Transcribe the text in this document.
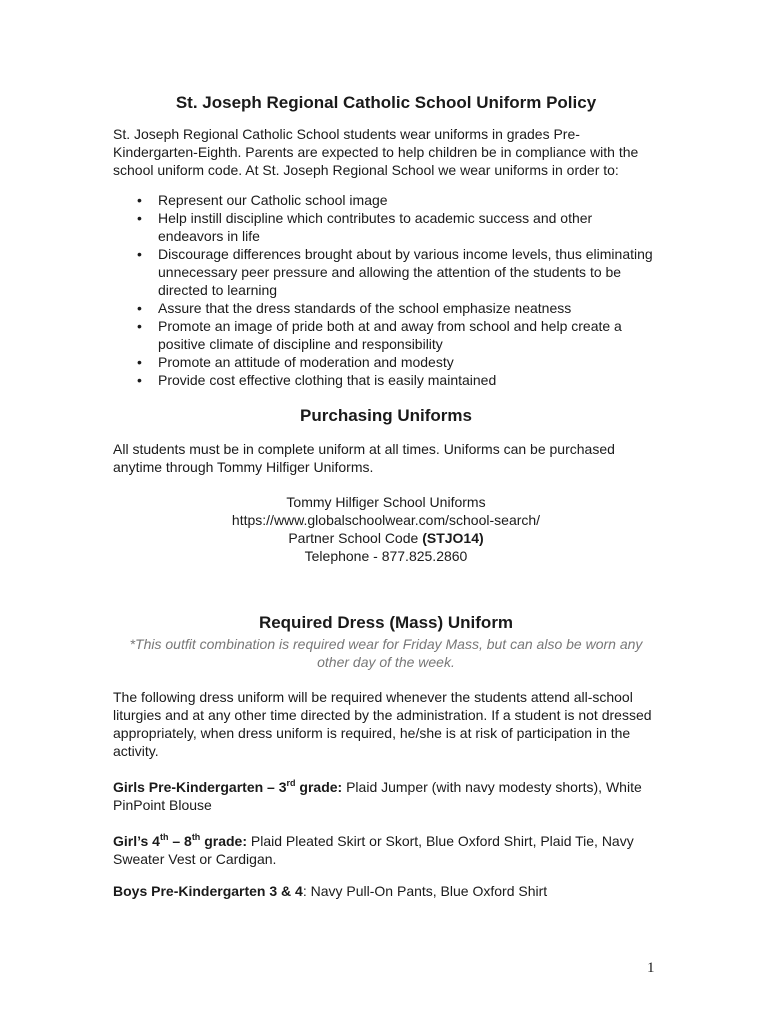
St. Joseph Regional Catholic School Uniform Policy

St. Joseph Regional Catholic School students wear uniforms in grades Pre-Kindergarten-Eighth. Parents are expected to help children be in compliance with the school uniform code. At St. Joseph Regional School we wear uniforms in order to:

• Represent our Catholic school image
• Help instill discipline which contributes to academic success and other endeavors in life
• Discourage differences brought about by various income levels, thus eliminating unnecessary peer pressure and allowing the attention of the students to be directed to learning
• Assure that the dress standards of the school emphasize neatness
• Promote an image of pride both at and away from school and help create a positive climate of discipline and responsibility
• Promote an attitude of moderation and modesty
• Provide cost effective clothing that is easily maintained
Purchasing Uniforms

All students must be in complete uniform at all times. Uniforms can be purchased anytime through Tommy Hilfiger Uniforms.

Tommy Hilfiger School Uniforms
https://www.globalschoolwear.com/school-search/
Partner School Code (STJO14)
Telephone - 877.825.2860
Required Dress (Mass) Uniform

*This outfit combination is required wear for Friday Mass, but can also be worn any other day of the week.

The following dress uniform will be required whenever the students attend all-school liturgies and at any other time directed by the administration. If a student is not dressed appropriately, when dress uniform is required, he/she is at risk of participation in the activity.

Girls Pre-Kindergarten – 3rd grade: Plaid Jumper (with navy modesty shorts), White PinPoint Blouse

Girl’s 4th – 8th grade: Plaid Pleated Skirt or Skort, Blue Oxford Shirt, Plaid Tie, Navy Sweater Vest or Cardigan.

Boys Pre-Kindergarten 3 & 4: Navy Pull-On Pants, Blue Oxford Shirt

1
